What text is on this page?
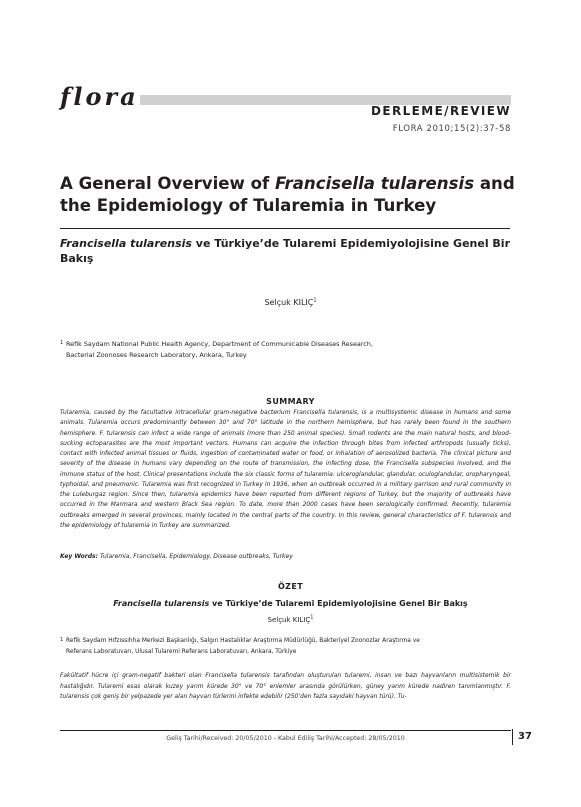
flora	DERLEME/REVIEW
FLORA 2010;15(2):37-58
A General Overview of Francisella tularensis and the Epidemiology of Tularemia in Turkey
Francisella tularensis ve Türkiye’de Tularemi Epidemiyolojisine Genel Bir Bakış
Selçuk KILIÇ$^1$
1 Refik Saydam National Public Health Agency, Department of Communicable Diseases Research,
Bacterial Zoonoses Research Laboratory, Ankara, Turkey
SUMMARY
Tularemia, caused by the facultative intracellular gram-negative bacterium Francisella tularensis, is a multisystemic disease in humans and some animals. Tularemia occurs predominantly between 30° and 70° latitude in the northern hemisphere, but has rarely been found in the southern hemisphere. F. tularensis can infect a wide range of animals (more than 250 animal species). Small rodents are the main natural hosts, and blood-sucking ectoparasites are the most important vectors. Humans can acquire the infection through bites from infected arthropods (usually ticks), contact with infected animal tissues or fluids, ingestion of contaminated water or food, or inhalation of aerosolized bacteria. The clinical picture and severity of the disease in humans vary depending on the route of transmission, the infecting dose, the Francisella subspecies involved, and the immune status of the host. Clinical presentations include the six classic forms of tularemia: ulceroglandular, glandular, oculoglandular, oropharyngeal, typhoidal, and pneumonic. Tularemia was first recognized in Turkey in 1936, when an outbreak occurred in a military garrison and rural community in the Luleburgaz region. Since then, tularemia epidemics have been reported from different regions of Turkey, but the majority of outbreaks have occurred in the Marmara and western Black Sea region. To date, more than 2000 cases have been serologically confirmed. Recently, tularemia outbreaks emerged in several provinces, mainly located in the central parts of the country. In this review, general characteristics of F. tularensis and the epidemiology of tularemia in Turkey are summarized.
Key Words: Tularemia, Francisella, Epidemiology, Disease outbreaks, Turkey
ÖZET
Francisella tularensis ve Türkiye’de Tularemi Epidemiyolojisine Genel Bir Bakış
Selçuk KILIÇ$^1$
1 Refik Saydam Hıfzıssıhha Merkezi Başkanlığı, Salgın Hastalıklar Araştırma Müdürlüğü, Bakteriyel Zoonozlar Araştırma ve
Referans Laboratuvarı, Ulusal Tularemi Referans Laboratuvarı, Ankara, Türkiye
Fakültatif hücre içi gram-negatif bakteri olan Francisella tularensis tarafından oluşturulan tularemi, insan ve bazı hayvanların multisistemik bir hastalığıdır. Tularemi esas olarak kuzey yarım kürede 30° ve 70° enlemler arasında görülürken, güney yarım kürede nadiren tanımlanmıştır. F. tularensis çok geniş bir yelpazede yer alan hayvan türlerini infekte edebilir (250’den fazla sayıdaki hayvan türü). Tu-
Geliş Tarihi/Received: 20/05/2010 - Kabul Ediliş Tarihi/Accepted: 28/05/2010	37
